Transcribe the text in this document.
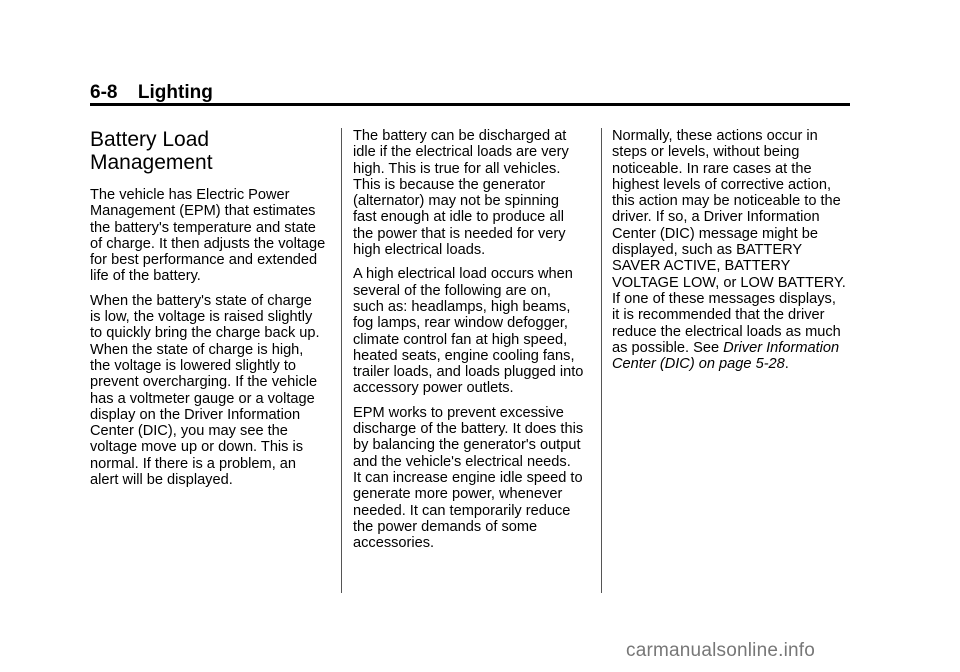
6-8 Lighting
Battery Load
Management
The vehicle has Electric Power
Management (EPM) that estimates
the battery's temperature and state
of charge. It then adjusts the voltage
for best performance and extended
life of the battery.
When the battery's state of charge
is low, the voltage is raised slightly
to quickly bring the charge back up.
When the state of charge is high,
the voltage is lowered slightly to
prevent overcharging. If the vehicle
has a voltmeter gauge or a voltage
display on the Driver Information
Center (DIC), you may see the
voltage move up or down. This is
normal. If there is a problem, an
alert will be displayed.
The battery can be discharged at
idle if the electrical loads are very
high. This is true for all vehicles.
This is because the generator
(alternator) may not be spinning
fast enough at idle to produce all
the power that is needed for very
high electrical loads.
A high electrical load occurs when
several of the following are on,
such as: headlamps, high beams,
fog lamps, rear window defogger,
climate control fan at high speed,
heated seats, engine cooling fans,
trailer loads, and loads plugged into
accessory power outlets.
EPM works to prevent excessive
discharge of the battery. It does this
by balancing the generator's output
and the vehicle's electrical needs.
It can increase engine idle speed to
generate more power, whenever
needed. It can temporarily reduce
the power demands of some
accessories.
Normally, these actions occur in
steps or levels, without being
noticeable. In rare cases at the
highest levels of corrective action,
this action may be noticeable to the
driver. If so, a Driver Information
Center (DIC) message might be
displayed, such as BATTERY
SAVER ACTIVE, BATTERY
VOLTAGE LOW, or LOW BATTERY.
If one of these messages displays,
it is recommended that the driver
reduce the electrical loads as much
as possible. See Driver Information
Center (DIC) on page 5-28.
carmanualsonline.info
